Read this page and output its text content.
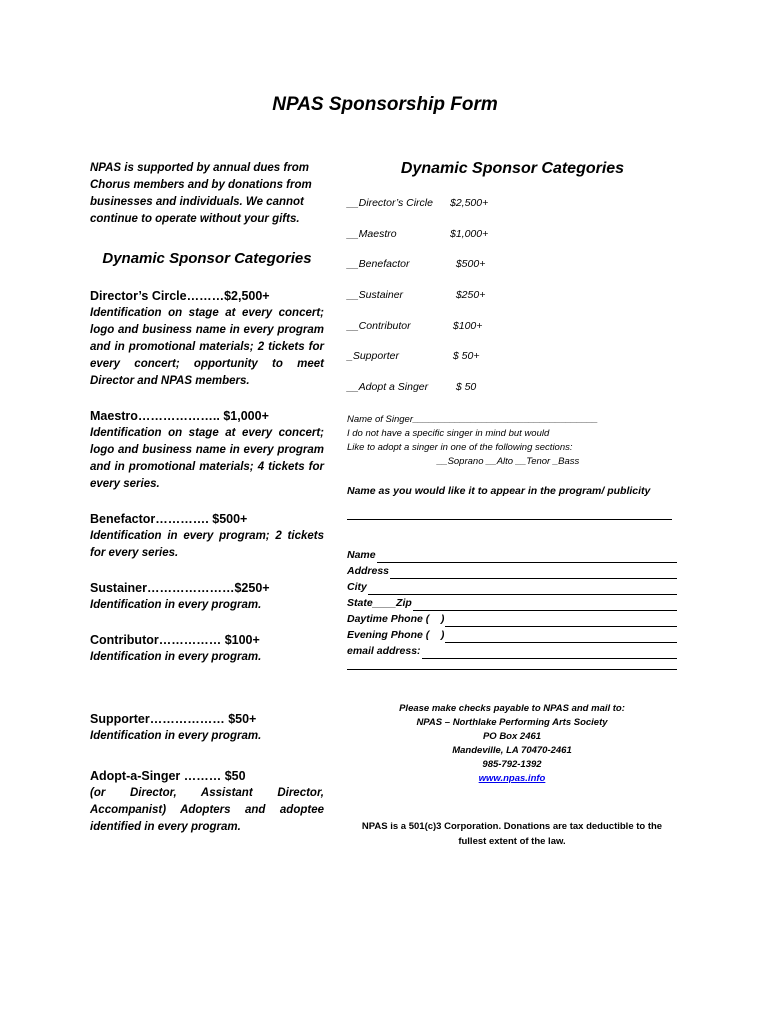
NPAS Sponsorship Form

NPAS is supported by annual dues from Chorus members and by donations from businesses and individuals. We cannot continue to operate without your gifts.

Dynamic Sponsor Categories
Director’s Circle………$2,500+
Identification on stage at every concert; logo and business name in every program and in promotional materials; 2 tickets for every concert; opportunity to meet Director and NPAS members.
Maestro……………….. $1,000+
Identification on stage at every concert; logo and business name in every program and in promotional materials; 4 tickets for every series.
Benefactor…………. $500+
Identification in every program; 2 tickets for every series.
Sustainer…………………$250+
Identification in every program.
Contributor…………… $100+
Identification in every program.
Supporter……………… $50+
Identification in every program.
Adopt-a-Singer ……… $50
(or Director, Assistant Director, Accompanist) Adopters and adoptee identified in every program.
Dynamic Sponsor Categories
__Director’s Circle	$2,500+
__Maestro	$1,000+
__Benefactor	$500+
__Sustainer	$250+
__Contributor	$100+
_Supporter	$ 50+
__Adopt a Singer	$ 50
Name of Singer___________________________________
I do not have a specific singer in mind but would
Like to adopt a singer in one of the following sections:
__Soprano __Alto __Tenor _Bass
Name as you would like it to appear in the program/ publicity
Name
Address
City
State____Zip
Daytime Phone (    )
Evening Phone (    )
email address:
Please make checks payable to NPAS and mail to:
NPAS – Northlake Performing Arts Society
PO Box 2461
Mandeville, LA 70470-2461
985-792-1392
www.npas.info
NPAS is a 501(c)3 Corporation. Donations are tax deductible to the
fullest extent of the law.
